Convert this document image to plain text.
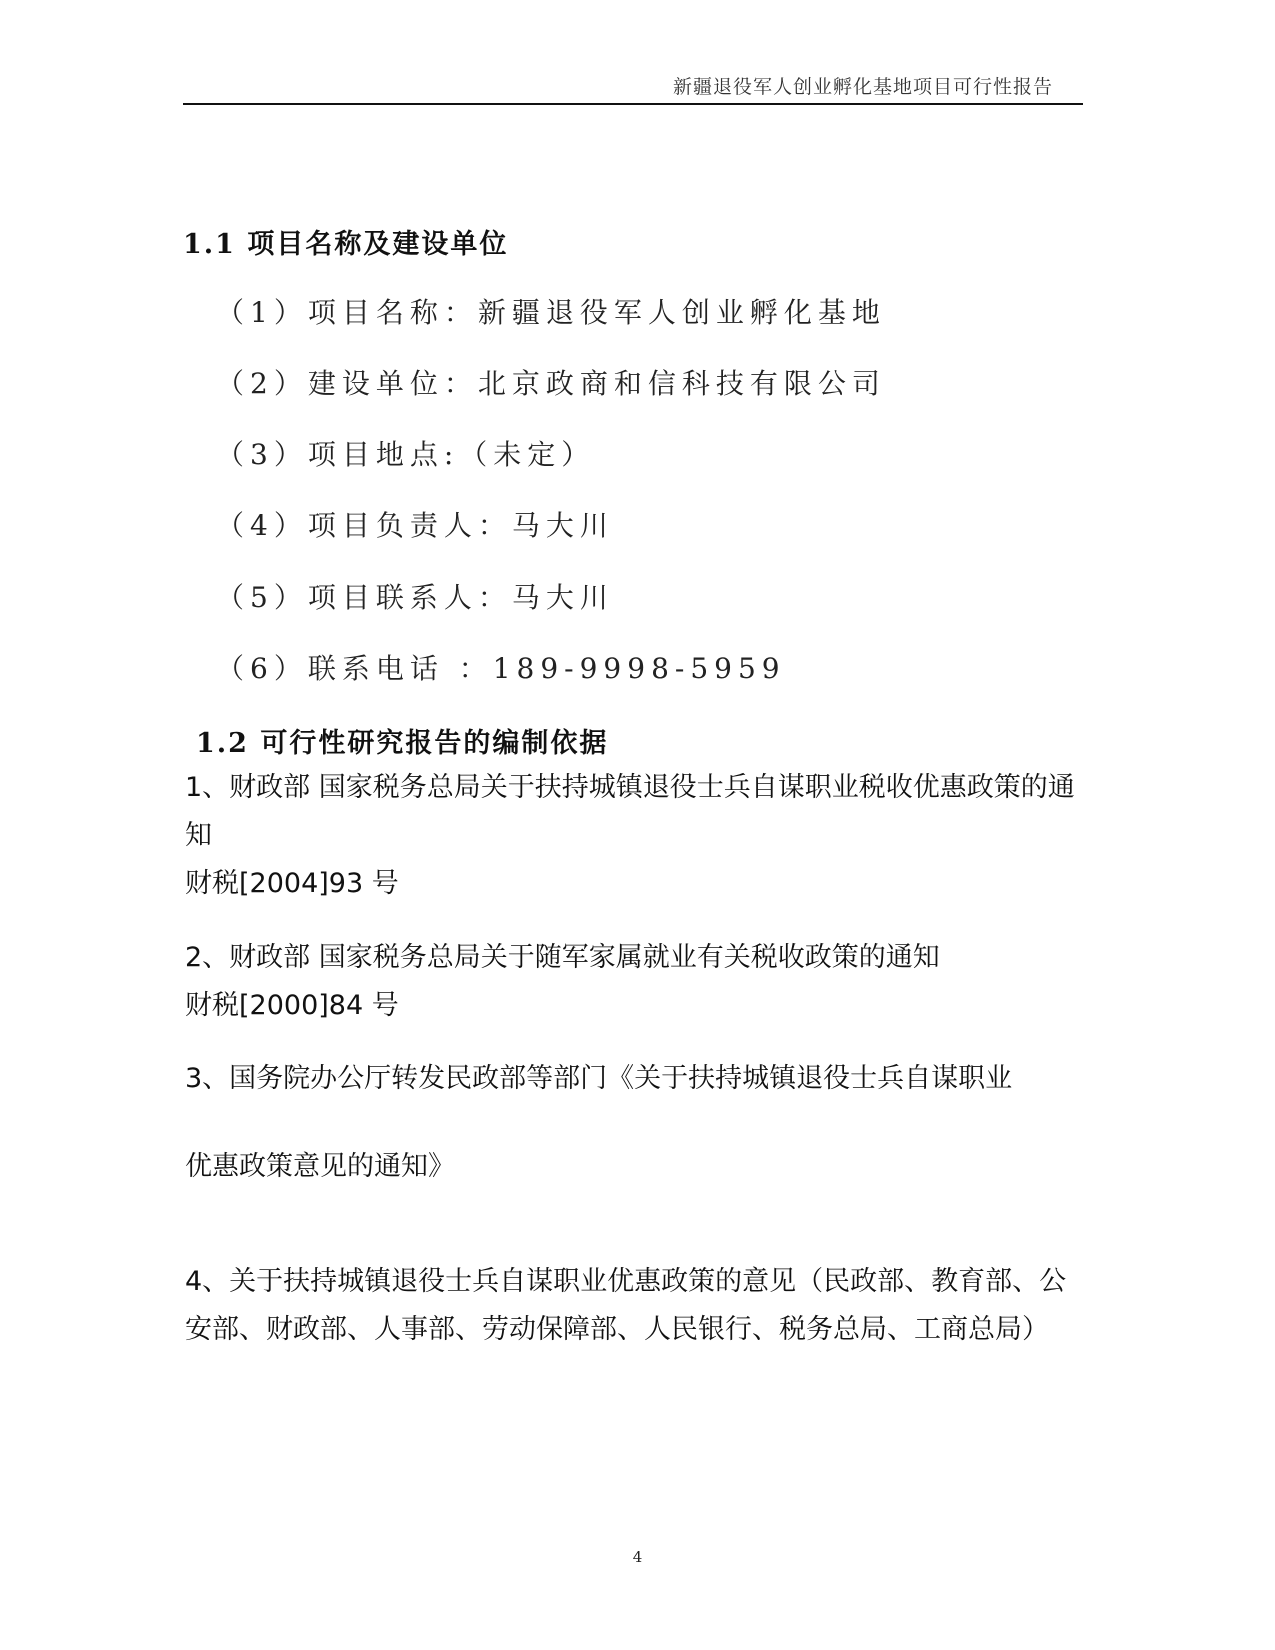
新疆退役军人创业孵化基地项目可行性报告
1.1 项目名称及建设单位
（1）项目名称：新疆退役军人创业孵化基地
（2）建设单位：北京政商和信科技有限公司
（3）项目地点:（未定）
（4）项目负责人：马大川
（5）项目联系人：马大川
（6）联系电话 ：189-9998-5959
1.2 可行性研究报告的编制依据

1、财政部 国家税务总局关于扶持城镇退役士兵自谋职业税收优惠政策的通知

财税[2004]93 号

2、财政部 国家税务总局关于随军家属就业有关税收政策的通知

财税[2000]84 号

3、国务院办公厅转发民政部等部门《关于扶持城镇退役士兵自谋职业

优惠政策意见的通知》

4、关于扶持城镇退役士兵自谋职业优惠政策的意见（民政部、教育部、公安部、财政部、人事部、劳动保障部、人民银行、税务总局、工商总局）

4
